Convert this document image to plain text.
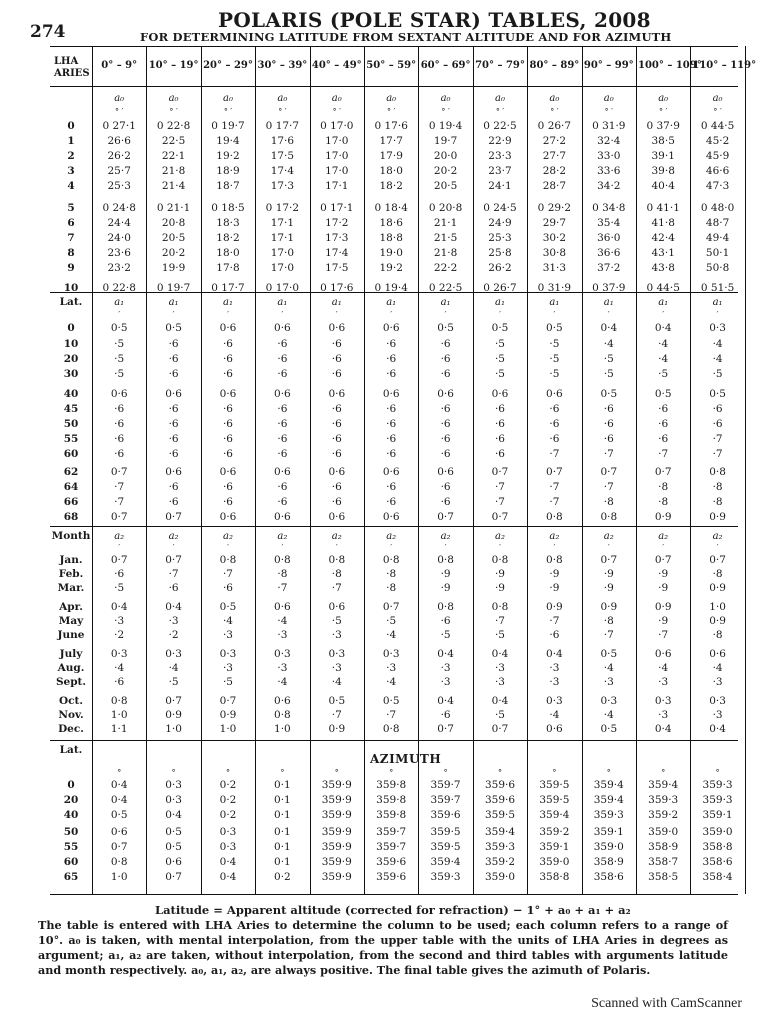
274	POLARIS (POLE STAR) TABLES, 2008
FOR DETERMINING LATITUDE FROM SEXTANT ALTITUDE AND FOR AZIMUTH
LHA
ARIES
0° – 9°	10° – 19° 20° – 29° 30° – 39° 40° – 49° 50° – 59° 60° – 69° 70° – 79° 80° – 89° 90° – 99° 100° – 109°
110° – 119°
a₀	a₀	a₀	a₀	a₀	a₀	a₀	a₀	a₀	a₀	a₀	a₀
° ′	° ′	° ′	° ′	° ′	° ′	° ′	° ′	° ′	° ′	° ′	° ′
0	0 27·1	0 22·8	0 19·7	0 17·7	0 17·0	0 17·6	0 19·4	0 22·5	0 26·7	0 31·9	0 37·9	0 44·5
1	26·6	22·5	19·4	17·6	17·0	17·7	19·7	22·9	27·2	32·4	38·5	45·2
2	26·2	22·1	19·2	17·5	17·0	17·9	20·0	23·3	27·7	33·0	39·1	45·9
3	25·7	21·8	18·9	17·4	17·0	18·0	20·2	23·7	28·2	33·6	39·8	46·6
4	25·3	21·4	18·7	17·3	17·1	18·2	20·5	24·1	28·7	34·2	40·4	47·3
5	0 24·8	0 21·1	0 18·5	0 17·2	0 17·1	0 18·4	0 20·8	0 24·5	0 29·2	0 34·8	0 41·1	0 48·0
6	24·4	20·8	18·3	17·1	17·2	18·6	21·1	24·9	29·7	35·4	41·8	48·7
7	24·0	20·5	18·2	17·1	17·3	18·8	21·5	25·3	30·2	36·0	42·4	49·4
8	23·6	20·2	18·0	17·0	17·4	19·0	21·8	25·8	30·8	36·6	43·1	50·1
9	23·2	19·9	17·8	17·0	17·5	19·2	22·2	26·2	31·3	37·2	43·8	50·8
10	0 22·8	0 19·7	0 17·7	0 17·0	0 17·6	0 19·4	0 22·5	0 26·7	0 31·9	0 37·9	0 44·5	0 51·5
Lat.	a₁	a₁	a₁	a₁	a₁	a₁	a₁	a₁	a₁	a₁	a₁	a₁
′	′	′	′	′	′	′	′	′	′	′	′
0	0·5	0·5	0·6	0·6	0·6	0·6	0·5	0·5	0·5	0·4	0·4	0·3
10	·5	·6	·6	·6	·6	·6	·6	·5	·5	·4	·4	·4
20	·5	·6	·6	·6	·6	·6	·6	·5	·5	·5	·4	·4
30	·5	·6	·6	·6	·6	·6	·6	·5	·5	·5	·5	·5
40	0·6	0·6	0·6	0·6	0·6	0·6	0·6	0·6	0·6	0·5	0·5	0·5
45	·6	·6	·6	·6	·6	·6	·6	·6	·6	·6	·6	·6
50	·6	·6	·6	·6	·6	·6	·6	·6	·6	·6	·6	·6
55	·6	·6	·6	·6	·6	·6	·6	·6	·6	·6	·6	·7
60	·6	·6	·6	·6	·6	·6	·6	·6	·7	·7	·7	·7
62	0·7	0·6	0·6	0·6	0·6	0·6	0·6	0·7	0·7	0·7	0·7	0·8
64	·7	·6	·6	·6	·6	·6	·6	·7	·7	·7	·8	·8
66	·7	·6	·6	·6	·6	·6	·6	·7	·7	·8	·8	·8
68	0·7	0·7	0·6	0·6	0·6	0·6	0·7	0·7	0·8	0·8	0·9	0·9
Month	a₂	a₂	a₂	a₂	a₂	a₂	a₂	a₂	a₂	a₂	a₂	a₂
′	′	′	′	′	′	′	′	′	′	′	′
Jan.	0·7	0·7	0·8	0·8	0·8	0·8	0·8	0·8	0·8	0·7	0·7	0·7
Feb.	·6	·7	·7	·8	·8	·8	·9	·9	·9	·9	·9	·8
Mar.	·5	·6	·6	·7	·7	·8	·9	·9	·9	·9	·9	0·9
Apr.	0·4	0·4	0·5	0·6	0·6	0·7	0·8	0·8	0·9	0·9	0·9	1·0
May	·3	·3	·4	·4	·5	·5	·6	·7	·7	·8	·9	0·9
June	·2	·2	·3	·3	·3	·4	·5	·5	·6	·7	·7	·8
July	0·3	0·3	0·3	0·3	0·3	0·3	0·4	0·4	0·4	0·5	0·6	0·6
Aug.	·4	·4	·3	·3	·3	·3	·3	·3	·3	·4	·4	·4
Sept.	·6	·5	·5	·4	·4	·4	·3	·3	·3	·3	·3	·3
Oct.	0·8	0·7	0·7	0·6	0·5	0·5	0·4	0·4	0·3	0·3	0·3	0·3
Nov.	1·0	0·9	0·9	0·8	·7	·7	·6	·5	·4	·4	·3	·3
Dec.	1·1	1·0	1·0	1·0	0·9	0·8	0·7	0·7	0·6	0·5	0·4	0·4
Lat.
AZIMUTH
°	°	°	°	°	°	°	°	°	°	°	°
0	0·4	0·3	0·2	0·1	359·9	359·8	359·7	359·6	359·5	359·4	359·4	359·3
20	0·4	0·3	0·2	0·1	359·9	359·8	359·7	359·6	359·5	359·4	359·3	359·3
40	0·5	0·4	0·2	0·1	359·9	359·8	359·6	359·5	359·4	359·3	359·2	359·1
50	0·6	0·5	0·3	0·1	359·9	359·7	359·5	359·4	359·2	359·1	359·0	359·0
55	0·7	0·5	0·3	0·1	359·9	359·7	359·5	359·3	359·1	359·0	358·9	358·8
60	0·8	0·6	0·4	0·1	359·9	359·6	359·4	359·2	359·0	358·9	358·7	358·6
65	1·0	0·7	0·4	0·2	359·9	359·6	359·3	359·0	358·8	358·6	358·5	358·4
Latitude = Apparent altitude (corrected for refraction) − 1° + a₀ + a₁ + a₂
The table is entered with LHA Aries to determine the column to be used; each column refers to a range of 10°. a₀ is taken, with mental interpolation, from the upper table with the units of LHA Aries in degrees as argument; a₁, a₂ are taken, without interpolation, from the second and third tables with arguments latitude and month respectively. a₀, a₁, a₂, are always positive. The final table gives the azimuth of Polaris.
Scanned with CamScanner
